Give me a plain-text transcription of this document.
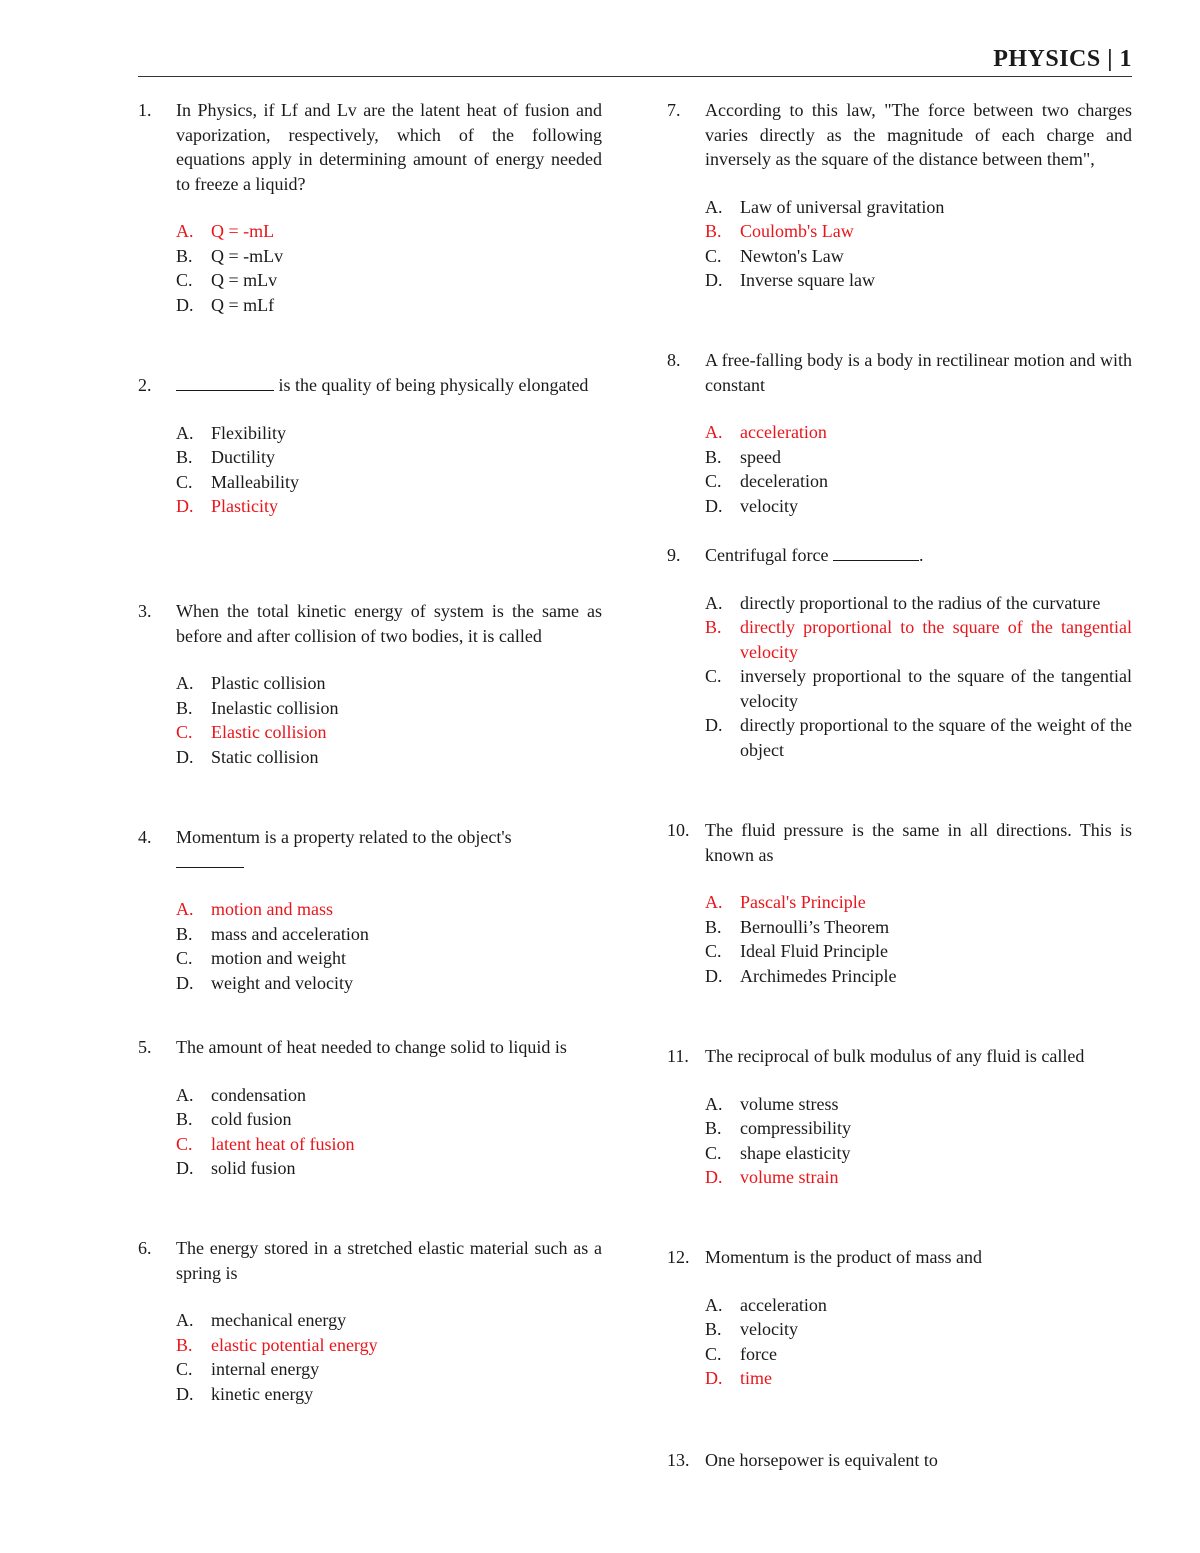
PHYSICS | 1
1.	In Physics, if Lf and Lv are the latent heat of fusion and vaporization, respectively, which of the following equations apply in determining amount of energy needed to freeze a liquid?
A. Q = -mL
B.	Q = -mLv
C.	Q = mLv
D. Q = mLf
2.	is the quality of being physically elongated
A. Flexibility
B.	Ductility
C.	Malleability
D. Plasticity
3.	When the total kinetic energy of system is the same as before and after collision of two bodies, it is called
A. Plastic collision
B.	Inelastic collision
C.	Elastic collision
D. Static collision
4.	Momentum is a property related to the object's

A. motion and mass
B.	mass and acceleration
C.	motion and weight
D. weight and velocity
5.	The amount of heat needed to change solid to liquid is
A. condensation
B.	cold fusion
C.	latent heat of fusion
D. solid fusion
6.	The energy stored in a stretched elastic material such as a spring is
A. mechanical energy
B.	elastic potential energy
C.	internal energy
D. kinetic energy
7.	According to this law, "The force between two charges varies directly as the magnitude of each charge and inversely as the square of the distance between them",
A. Law of universal gravitation
B.	Coulomb's Law
C.	Newton's Law
D. Inverse square law
8.	A free-falling body is a body in rectilinear motion and with constant
A. acceleration
B.	speed
C.	deceleration
D. velocity
9.	Centrifugal force	.
A. directly proportional to the radius of the curvature
B.	directly proportional to the square of the tangential velocity
C.	inversely proportional to the square of the tangential velocity
D. directly proportional to the square of the weight of the object
10. The fluid pressure is the same in all directions. This is known as
A. Pascal's Principle
B.	Bernoulli’s Theorem
C.	Ideal Fluid Principle
D. Archimedes Principle
11. The reciprocal of bulk modulus of any fluid is called
A. volume stress
B.	compressibility
C.	shape elasticity
D. volume strain
12. Momentum is the product of mass and
A. acceleration
B.	velocity
C.	force
D. time
13. One horsepower is equivalent to
